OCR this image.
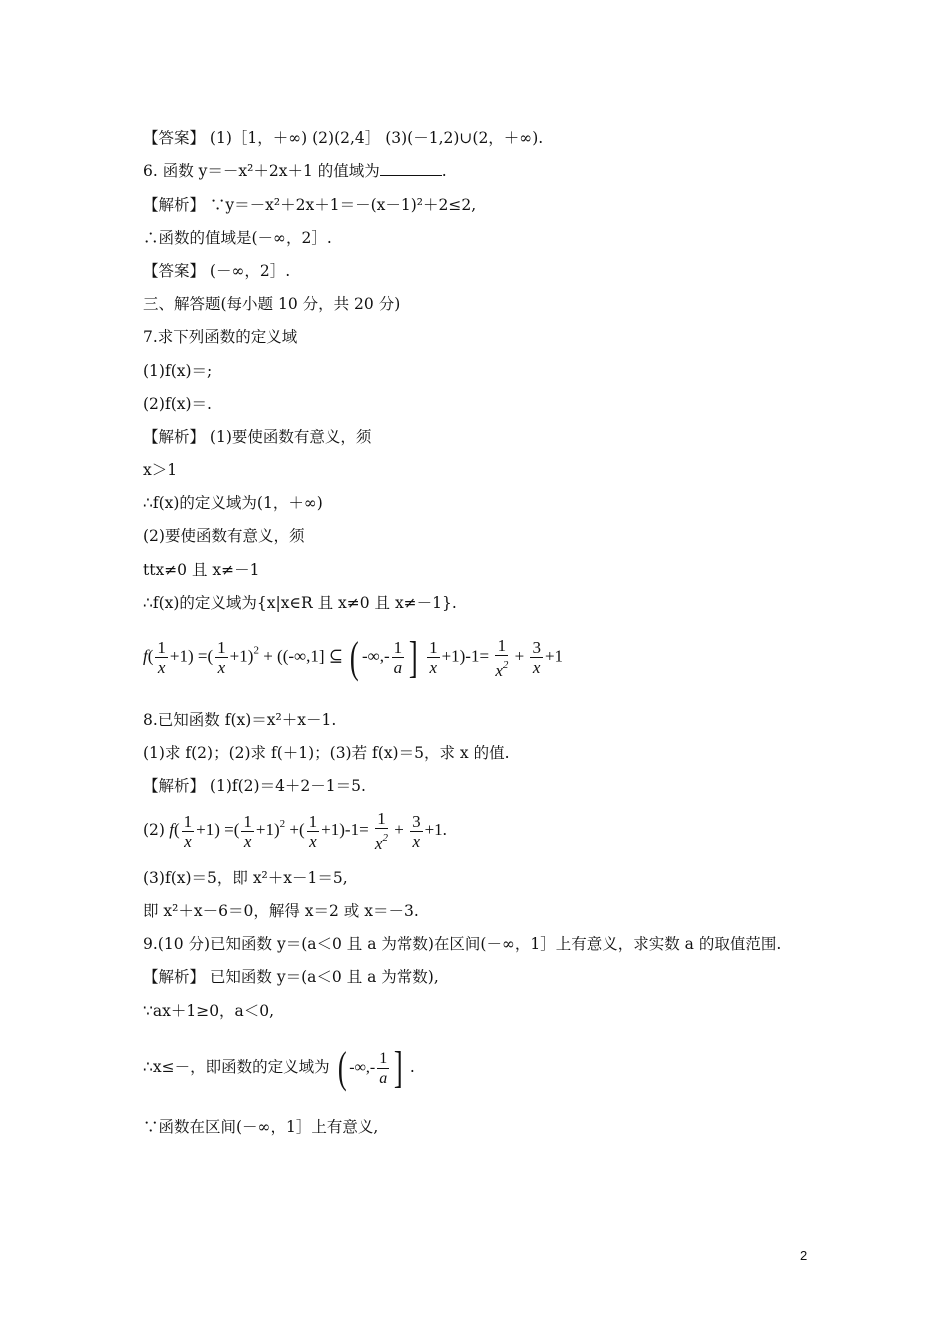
【答案】 (1)［1，＋∞) (2)(2,4］ (3)(－1,2)∪(2，＋∞).
6. 函数 y＝－x²＋2x＋1 的值域为	.
【解析】 ∵y＝－x²＋2x＋1＝－(x－1)²＋2≤2,
∴函数的值域是(－∞，2］.
【答案】 (－∞，2］.
三、解答题(每小题 10 分，共 20 分)
7.求下列函数的定义域
(1)f(x)＝;
(2)f(x)＝.
【解析】 (1)要使函数有意义，须
x＞1
∴f(x)的定义域为(1，＋∞)
(2)要使函数有意义，须
ttx≠0 且 x≠－1
∴f(x)的定义域为{x|x∈R 且 x≠0 且 x≠－1}.
$f( \frac{1}{x} +1)$ =( $\frac{1}{x} +1)^2 + ((-\infty,1]$ ⊆ ( -∞,- $\frac{1}{a}$ ] $\frac{1}{x} +1)-1= \frac{1}{x^2} + \frac{3}{x} +1$
8.已知函数 f(x)＝x²＋x－1.
(1)求 f(2)；(2)求 f(＋1)；(3)若 f(x)＝5，求 x 的值.
【解析】 (1)f(2)＝4＋2－1＝5.
(2) $f( \frac{1}{x} +1)$ =( $\frac{1}{x} +1)^2$ +( $\frac{1}{x} +1)-1= \frac{1}{x^2} + \frac{3}{x} +1$.
(3)f(x)＝5，即 x²＋x－1＝5,
即 x²＋x－6＝0，解得 x＝2 或 x＝－3.
9.(10 分)已知函数 y＝(a＜0 且 a 为常数)在区间(－∞，1］上有意义，求实数 a 的取值范围.
【解析】 已知函数 y＝(a＜0 且 a 为常数),
∵ax＋1≥0，a＜0,
∴x≤－，即函数的定义域为 ( -∞,- $\frac{1}{a}$ ] .
∵函数在区间(－∞，1］上有意义,
2
